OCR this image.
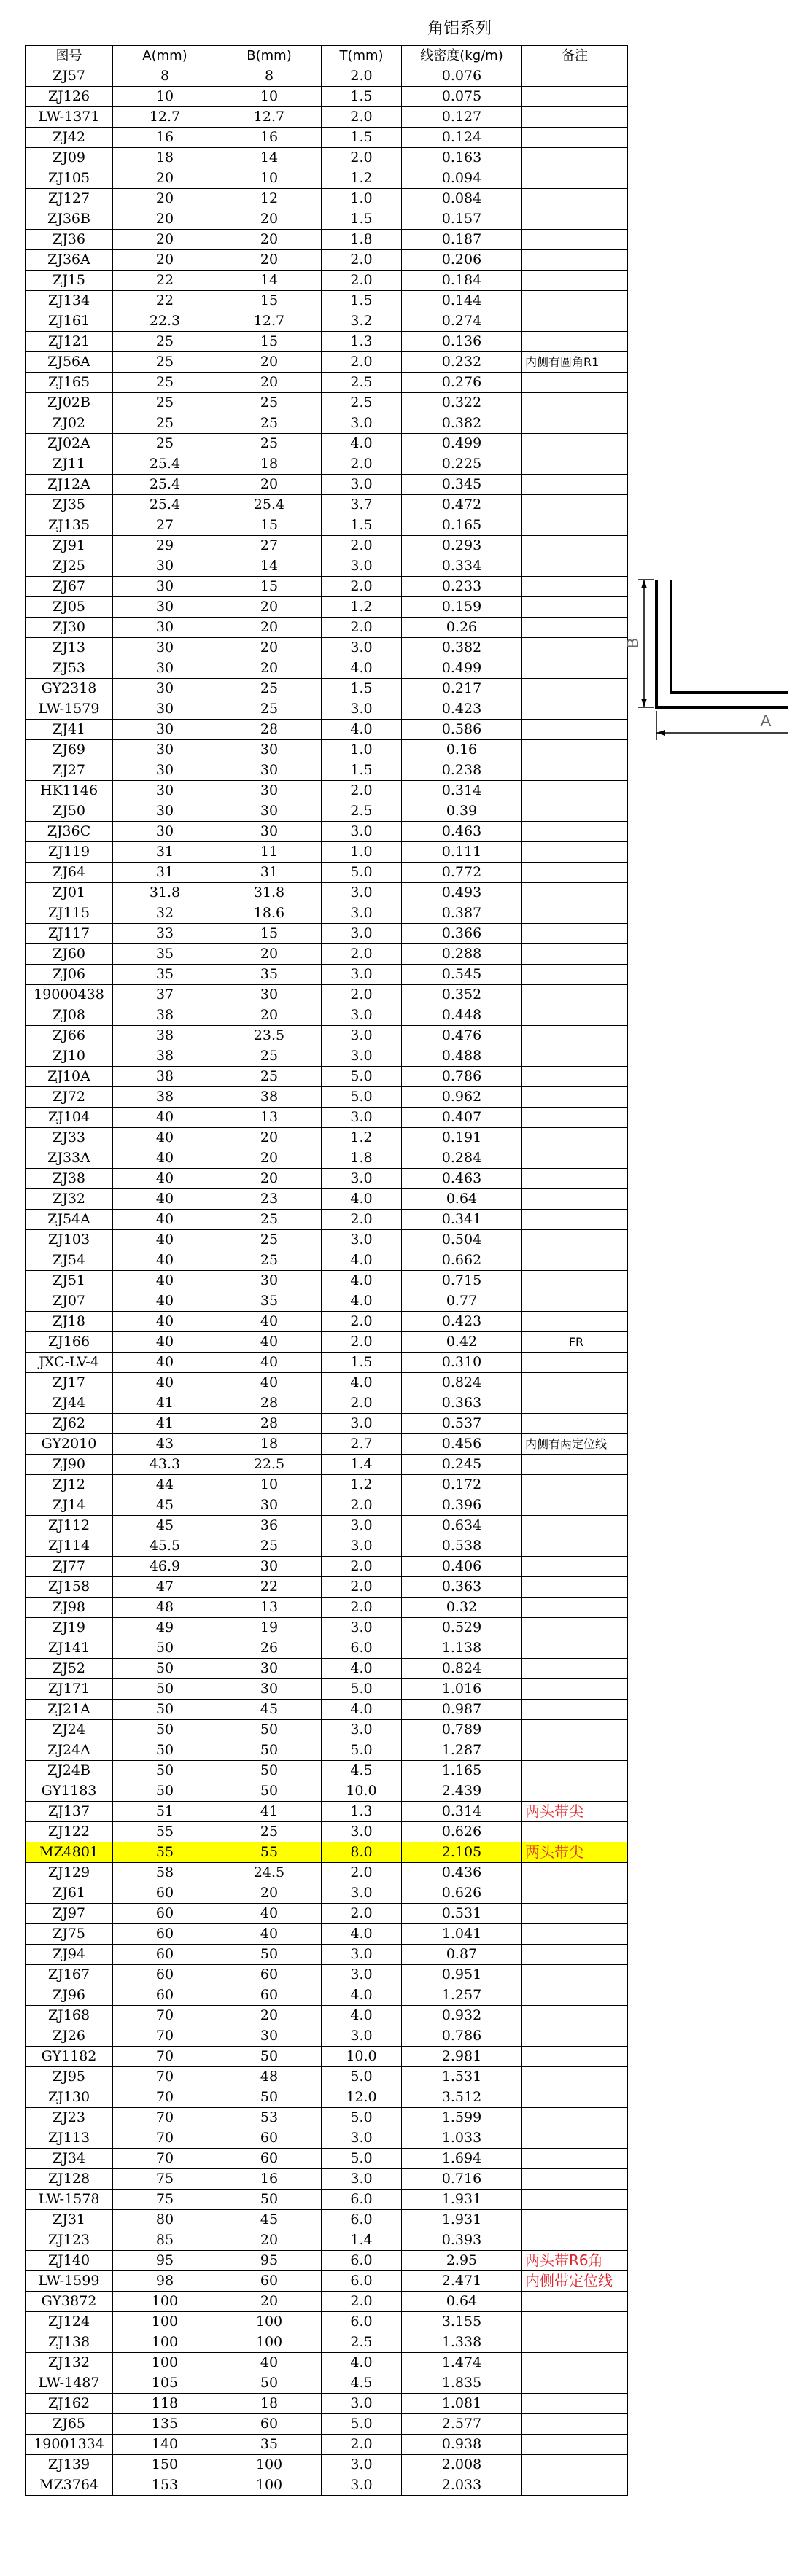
角铝系列
图号	A(mm)	B(mm)	T(mm)	线密度(kg/m)	备注
ZJ57	8	8	2.0	0.076	
ZJ126	10	10	1.5	0.075	
LW-1371	12.7	12.7	2.0	0.127	
ZJ42	16	16	1.5	0.124	
ZJ09	18	14	2.0	0.163	
ZJ105	20	10	1.2	0.094	
ZJ127	20	12	1.0	0.084	
ZJ36B	20	20	1.5	0.157	
ZJ36	20	20	1.8	0.187	
ZJ36A	20	20	2.0	0.206	
ZJ15	22	14	2.0	0.184	
ZJ134	22	15	1.5	0.144	
ZJ161	22.3	12.7	3.2	0.274	
ZJ121	25	15	1.3	0.136	
ZJ56A	25	20	2.0	0.232	内侧有圆角R1
ZJ165	25	20	2.5	0.276	
ZJ02B	25	25	2.5	0.322	
ZJ02	25	25	3.0	0.382	
ZJ02A	25	25	4.0	0.499	
ZJ11	25.4	18	2.0	0.225	
ZJ12A	25.4	20	3.0	0.345	
ZJ35	25.4	25.4	3.7	0.472	
ZJ135	27	15	1.5	0.165	
ZJ91	29	27	2.0	0.293	
ZJ25	30	14	3.0	0.334	
ZJ67	30	15	2.0	0.233	
ZJ05	30	20	1.2	0.159	
ZJ30	30	20	2.0	0.26	
ZJ13	30	20	3.0	0.382	
ZJ53	30	20	4.0	0.499	
GY2318	30	25	1.5	0.217	
LW-1579	30	25	3.0	0.423	
ZJ41	30	28	4.0	0.586	
ZJ69	30	30	1.0	0.16	
ZJ27	30	30	1.5	0.238	
HK1146	30	30	2.0	0.314	
ZJ50	30	30	2.5	0.39	
ZJ36C	30	30	3.0	0.463	
ZJ119	31	11	1.0	0.111	
ZJ64	31	31	5.0	0.772	
ZJ01	31.8	31.8	3.0	0.493	
ZJ115	32	18.6	3.0	0.387	
ZJ117	33	15	3.0	0.366	
ZJ60	35	20	2.0	0.288	
ZJ06	35	35	3.0	0.545	
19000438	37	30	2.0	0.352	
ZJ08	38	20	3.0	0.448	
ZJ66	38	23.5	3.0	0.476	
ZJ10	38	25	3.0	0.488	
ZJ10A	38	25	5.0	0.786	
ZJ72	38	38	5.0	0.962	
ZJ104	40	13	3.0	0.407	
ZJ33	40	20	1.2	0.191	
ZJ33A	40	20	1.8	0.284	
ZJ38	40	20	3.0	0.463	
ZJ32	40	23	4.0	0.64	
ZJ54A	40	25	2.0	0.341	
ZJ103	40	25	3.0	0.504	
ZJ54	40	25	4.0	0.662	
ZJ51	40	30	4.0	0.715	
ZJ07	40	35	4.0	0.77	
ZJ18	40	40	2.0	0.423	
ZJ166	40	40	2.0	0.42	FR
JXC-LV-4	40	40	1.5	0.310	
ZJ17	40	40	4.0	0.824	
ZJ44	41	28	2.0	0.363	
ZJ62	41	28	3.0	0.537	
GY2010	43	18	2.7	0.456	内侧有两定位线
ZJ90	43.3	22.5	1.4	0.245	
ZJ12	44	10	1.2	0.172	
ZJ14	45	30	2.0	0.396	
ZJ112	45	36	3.0	0.634	
ZJ114	45.5	25	3.0	0.538	
ZJ77	46.9	30	2.0	0.406	
ZJ158	47	22	2.0	0.363	
ZJ98	48	13	2.0	0.32	
ZJ19	49	19	3.0	0.529	
ZJ141	50	26	6.0	1.138	
ZJ52	50	30	4.0	0.824	
ZJ171	50	30	5.0	1.016	
ZJ21A	50	45	4.0	0.987	
ZJ24	50	50	3.0	0.789	
ZJ24A	50	50	5.0	1.287	
ZJ24B	50	50	4.5	1.165	
GY1183	50	50	10.0	2.439	
ZJ137	51	41	1.3	0.314	两头带尖
ZJ122	55	25	3.0	0.626	
MZ4801	55	55	8.0	2.105	两头带尖
ZJ129	58	24.5	2.0	0.436	
ZJ61	60	20	3.0	0.626	
ZJ97	60	40	2.0	0.531	
ZJ75	60	40	4.0	1.041	
ZJ94	60	50	3.0	0.87	
ZJ167	60	60	3.0	0.951	
ZJ96	60	60	4.0	1.257	
ZJ168	70	20	4.0	0.932	
ZJ26	70	30	3.0	0.786	
GY1182	70	50	10.0	2.981	
ZJ95	70	48	5.0	1.531	
ZJ130	70	50	12.0	3.512	
ZJ23	70	53	5.0	1.599	
ZJ113	70	60	3.0	1.033	
ZJ34	70	60	5.0	1.694	
ZJ128	75	16	3.0	0.716	
LW-1578	75	50	6.0	1.931	
ZJ31	80	45	6.0	1.931	
ZJ123	85	20	1.4	0.393	
ZJ140	95	95	6.0	2.95	两头带R6角
LW-1599	98	60	6.0	2.471	内侧带定位线
GY3872	100	20	2.0	0.64	
ZJ124	100	100	6.0	3.155	
ZJ138	100	100	2.5	1.338	
ZJ132	100	40	4.0	1.474	
LW-1487	105	50	4.5	1.835	
ZJ162	118	18	3.0	1.081	
ZJ65	135	60	5.0	2.577	
19001334	140	35	2.0	0.938	
ZJ139	150	100	3.0	2.008	
MZ3764	153	100	3.0	2.033	
B
A
